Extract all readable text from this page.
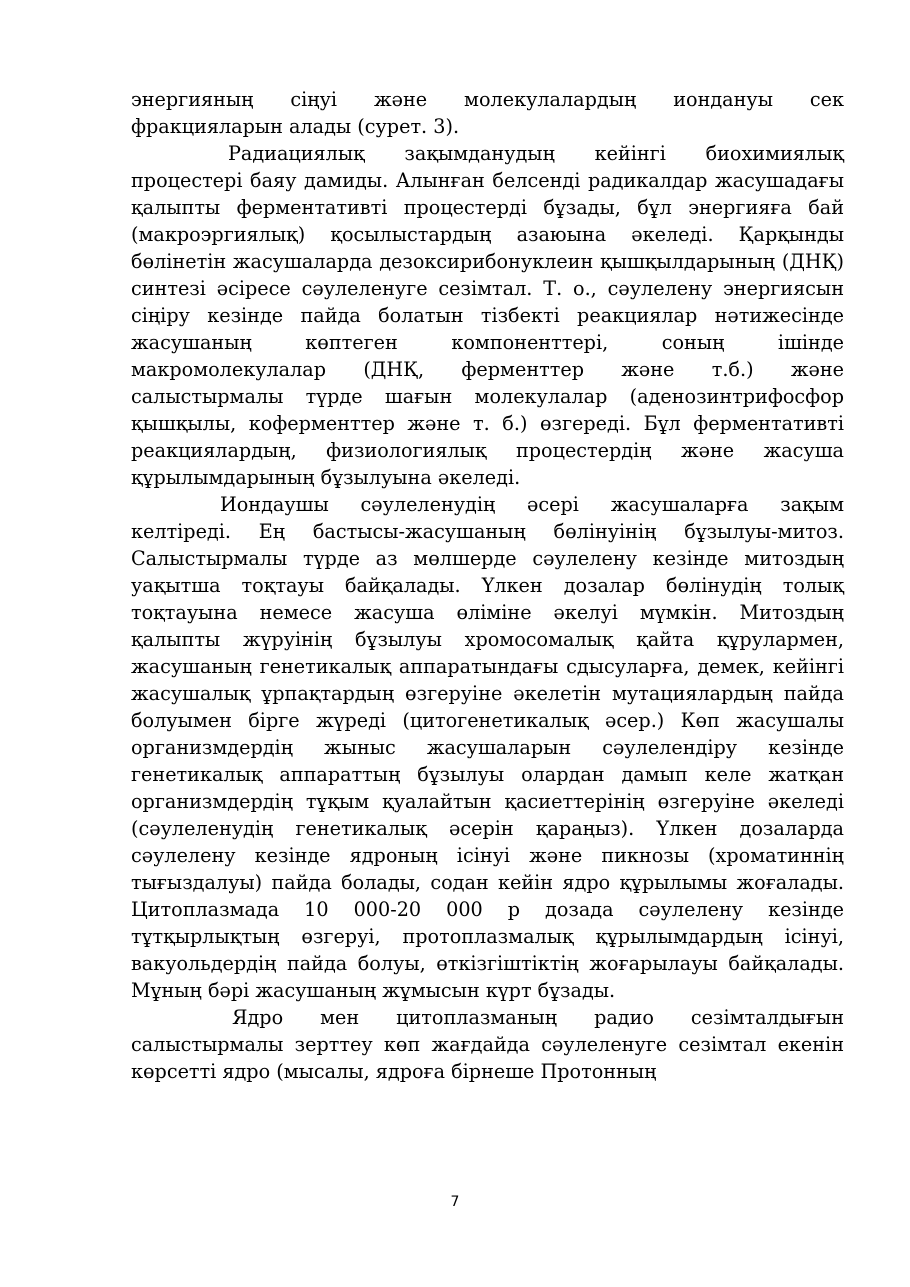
энергияның сіңуі және молекулалардың иондануы сек фракцияларын алады (сурет. 3).

Радиациялық зақымданудың кейінгі биохимиялық процестері баяу дамиды. Алынған белсенді радикалдар жасушадағы қалыпты ферментативті процестерді бұзады, бұл энергияға бай (макроэргиялық) қосылыстардың азаюына әкеледі. Қарқынды бөлінетін жасушаларда дезоксирибонуклеин қышқылдарының (ДНҚ) синтезі әсіресе сәулеленуге сезімтал. Т. о., сәулелену энергиясын сіңіру кезінде пайда болатын тізбекті реакциялар нәтижесінде жасушаның көптеген компоненттері, соның ішінде макромолекулалар (ДНҚ, ферменттер және т.б.) және салыстырмалы түрде шағын молекулалар (аденозинтрифосфор қышқылы, коферменттер және т. б.) өзгереді. Бұл ферментативті реакциялардың, физиологиялық процестердің және жасуша құрылымдарының бұзылуына әкеледі.

Иондаушы сәулеленудің әсері жасушаларға зақым келтіреді. Ең бастысы-жасушаның бөлінуінің бұзылуы-митоз. Салыстырмалы түрде аз мөлшерде сәулелену кезінде митоздың уақытша тоқтауы байқалады. Үлкен дозалар бөлінудің толық тоқтауына немесе жасуша өліміне әкелуі мүмкін. Митоздың қалыпты жүруінің бұзылуы хромосомалық қайта құрулармен, жасушаның генетикалық аппаратындағы сдысуларға, демек, кейінгі жасушалық ұрпақтардың өзгеруіне әкелетін мутациялардың пайда болуымен бірге жүреді (цитогенетикалық әсер.) Көп жасушалы организмдердің жыныс жасушаларын сәулелендіру кезінде генетикалық аппараттың бұзылуы олардан дамып келе жатқан организмдердің тұқым қуалайтын қасиеттерінің өзгеруіне әкеледі (сәулеленудің генетикалық әсерін қараңыз). Үлкен дозаларда сәулелену кезінде ядроның ісінуі және пикнозы (хроматиннің тығыздалуы) пайда болады, содан кейін ядро құрылымы жоғалады. Цитоплазмада 10 000-20 000 р дозада сәулелену кезінде тұтқырлықтың өзгеруі, протоплазмалық құрылымдардың ісінуі, вакуольдердің пайда болуы, өткізгіштіктің жоғарылауы байқалады. Мұның бәрі жасушаның жұмысын күрт бұзады.

Ядро мен цитоплазманың радио сезімталдығын салыстырмалы зерттеу көп жағдайда сәулеленуге сезімтал екенін көрсетті ядро (мысалы, ядроға бірнеше Протонның

7
